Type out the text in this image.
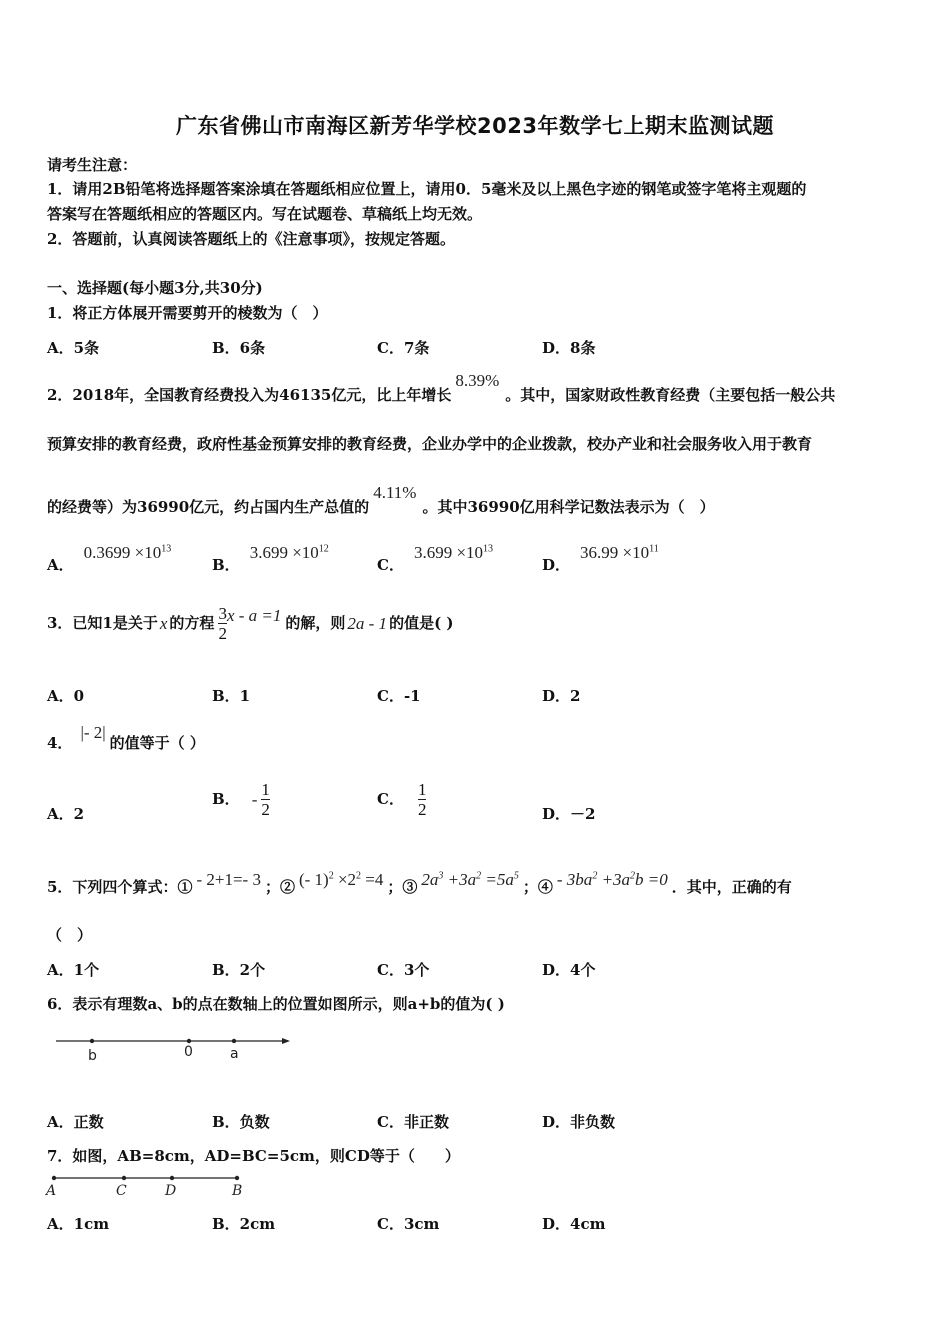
广东省佛山市南海区新芳华学校2023年数学七上期末监测试题
请考生注意：
1．请用2B铅笔将选择题答案涂填在答题纸相应位置上，请用0．5毫米及以上黑色字迹的钢笔或签字笔将主观题的
答案写在答题纸相应的答题区内。写在试题卷、草稿纸上均无效。
2．答题前，认真阅读答题纸上的《注意事项》，按规定答题。
一、选择题(每小题3分,共30分)
1．将正方体展开需要剪开的棱数为（　）
A．5条	B．6条	C．7条	D．8条
2．2018年，全国教育经费投入为46135亿元，比上年增长8.39%。其中，国家财政性教育经费（主要包括一般公共
预算安排的教育经费，政府性基金预算安排的教育经费，企业办学中的企业拨款，校办产业和社会服务收入用于教育
的经费等）为36990亿元，约占国内生产总值的4.11%。其中36990亿用科学记数法表示为（　）
A．$0.3699 \times 10^{13}$
B．$3.699 \times 10^{12}$
C．$3.699 \times 10^{13}$
D．$36.99 \times 10^{11}$
3．已知1是关于 x 的方程 $\frac{3}{2}$ x - a =1 的解，则 2a - 1 的值是( )
A．0	B．1	C．-1	D．2
4．|- 2|的值等于（ ）
A．2
B． - $\frac{1}{2}$	C． $\frac{1}{2}$	D．－2
5．下列四个算式：① - 2+1=- 3 ；② (- $1)^2 \times 2^2 =4$ ；③ $2a^3 +3a^2 =5a^5$；④ - $3ba^2 +3a^2b =0$ ．其中，正确的有
（　）
A．1个	B．2个	C．3个	D．4个
6．表示有理数a、b的点在数轴上的位置如图所示，则a+b的值为( )
b	0	a
A．正数	B．负数	C．非正数	D．非负数
7．如图，AB=8cm，AD=BC=5cm，则CD等于（　　）
A	C	D	B
A．1cm	B．2cm	C．3cm	D．4cm
